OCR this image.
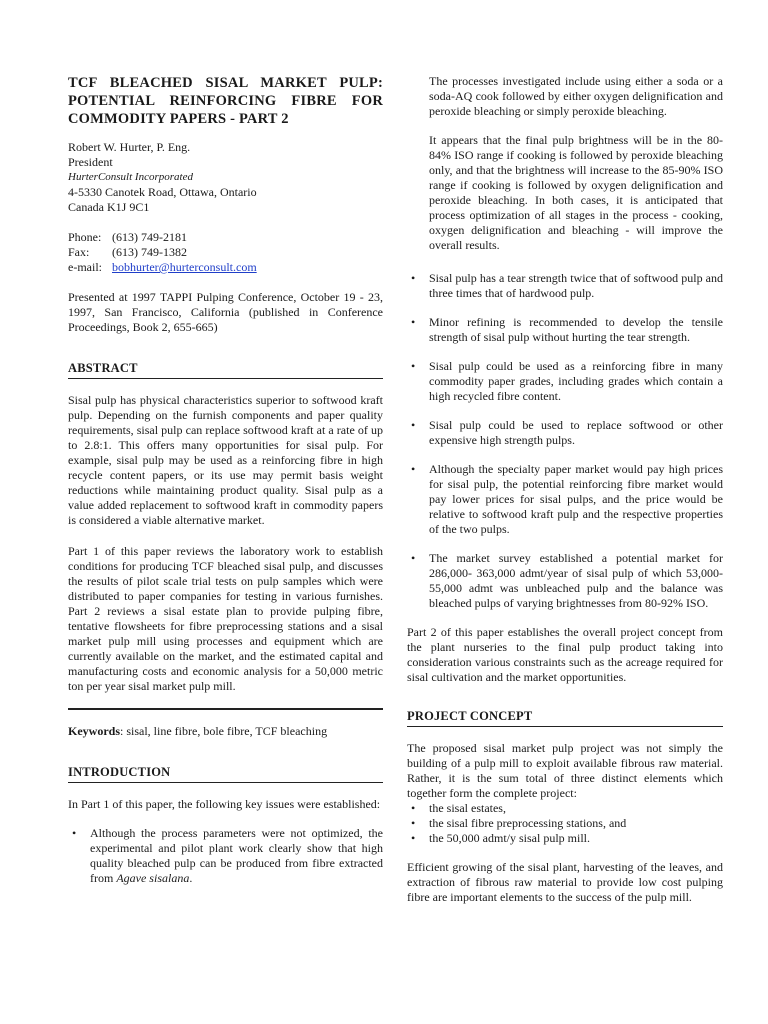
TCF BLEACHED SISAL MARKET PULP: POTENTIAL REINFORCING FIBRE FOR COMMODITY PAPERS - PART 2
Robert W. Hurter, P. Eng.
President
HurterConsult Incorporated
4-5330 Canotek Road, Ottawa, Ontario
Canada K1J 9C1
Phone: (613) 749-2181
Fax:	(613) 749-1382
e-mail: bobhurter@hurterconsult.com

Presented at 1997 TAPPI Pulping Conference, October 19 - 23, 1997, San Francisco, California (published in Conference Proceedings, Book 2, 655-665)

ABSTRACT

Sisal pulp has physical characteristics superior to softwood kraft pulp. Depending on the furnish components and paper quality requirements, sisal pulp can replace softwood kraft at a rate of up to 2.8:1. This offers many opportunities for sisal pulp. For example, sisal pulp may be used as a reinforcing fibre in high recycle content papers, or its use may permit basis weight reductions while maintaining product quality. Sisal pulp as a value added replacement to softwood kraft in commodity papers is considered a viable alternative market.

Part 1 of this paper reviews the laboratory work to establish conditions for producing TCF bleached sisal pulp, and discusses the results of pilot scale trial tests on pulp samples which were distributed to paper companies for testing in various furnishes. Part 2 reviews a sisal estate plan to provide pulping fibre, tentative flowsheets for fibre preprocessing stations and a sisal market pulp mill using processes and equipment which are currently available on the market, and the estimated capital and manufacturing costs and economic analysis for a 50,000 metric ton per year sisal market pulp mill.

Keywords: sisal, line fibre, bole fibre, TCF bleaching
INTRODUCTION

In Part 1 of this paper, the following key issues were established:

• Although the process parameters were not optimized, the experimental and pilot plant work clearly show that high quality bleached pulp can be produced from fibre extracted from Agave sisalana.

The processes investigated include using either a soda or a soda-AQ cook followed by either oxygen delignification and peroxide bleaching or simply peroxide bleaching.

It appears that the final pulp brightness will be in the 80-84% ISO range if cooking is followed by peroxide bleaching only, and that the brightness will increase to the 85-90% ISO range if cooking is followed by oxygen delignification and peroxide bleaching. In both cases, it is anticipated that process optimization of all stages in the process - cooking, oxygen delignification and bleaching - will improve the overall results.

• Sisal pulp has a tear strength twice that of softwood pulp and three times that of hardwood pulp.
• Minor refining is recommended to develop the tensile strength of sisal pulp without hurting the tear strength.
• Sisal pulp could be used as a reinforcing fibre in many commodity paper grades, including grades which contain a high recycled fibre content.
• Sisal pulp could be used to replace softwood or other expensive high strength pulps.
• Although the specialty paper market would pay high prices for sisal pulp, the potential reinforcing fibre market would pay lower prices for sisal pulps, and the price would be relative to softwood kraft pulp and the respective properties of the two pulps.
• The market survey established a potential market for 286,000- 363,000 admt/year of sisal pulp of which 53,000-55,000 admt was unbleached pulp and the balance was bleached pulps of varying brightnesses from 80-92% ISO.

Part 2 of this paper establishes the overall project concept from the plant nurseries to the final pulp product taking into consideration various constraints such as the acreage required for sisal cultivation and the market opportunities.

PROJECT CONCEPT

The proposed sisal market pulp project was not simply the building of a pulp mill to exploit available fibrous raw material. Rather, it is the sum total of three distinct elements which together form the complete project:

• the sisal estates,
• the sisal fibre preprocessing stations, and
• the 50,000 admt/y sisal pulp mill.

Efficient growing of the sisal plant, harvesting of the leaves, and extraction of fibrous raw material to provide low cost pulping fibre are important elements to the success of the pulp mill.
